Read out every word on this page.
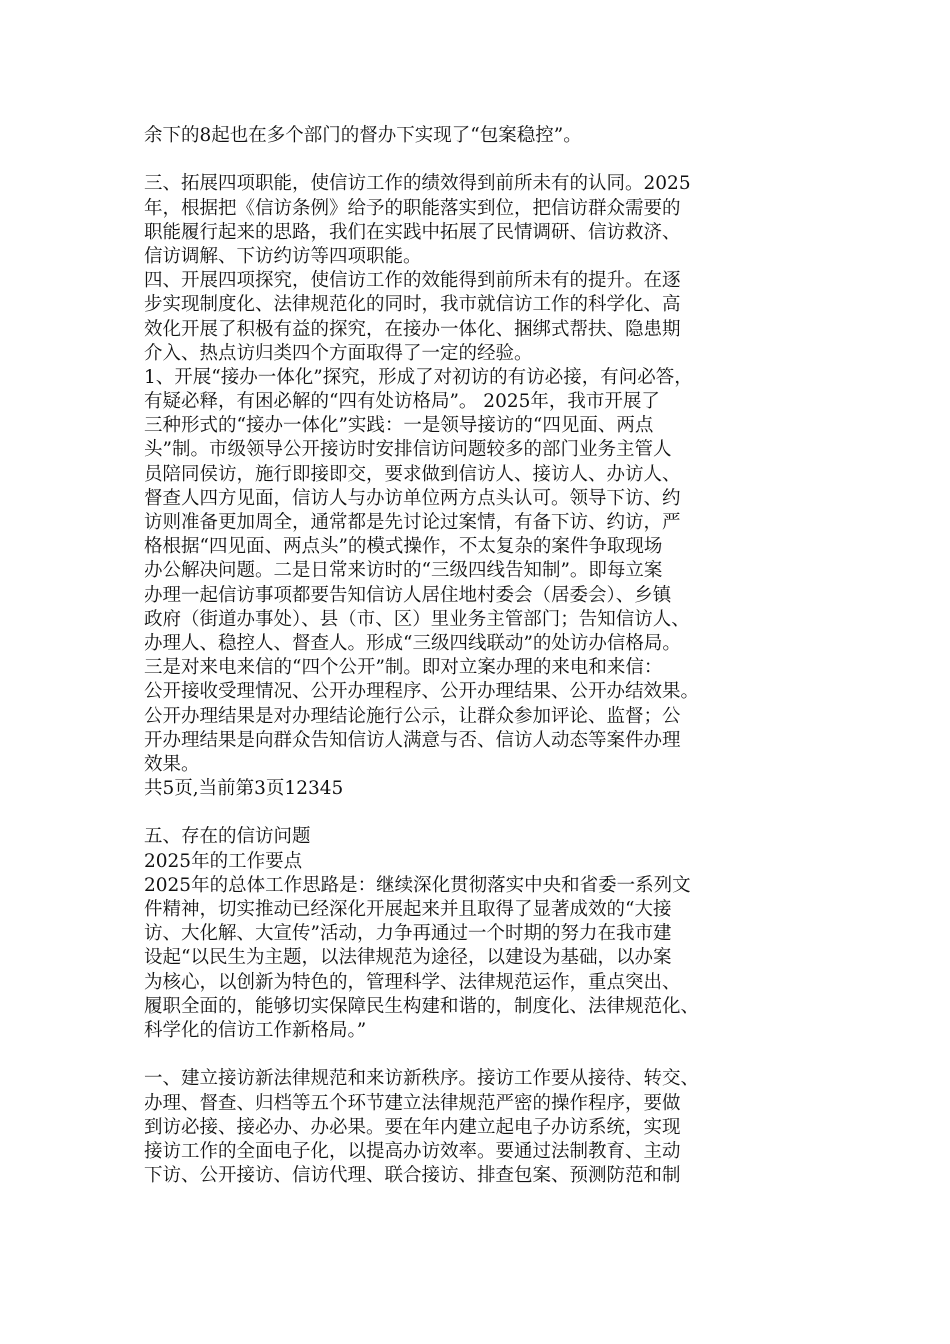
余下的8起也在多个部门的督办下实现了“包案稳控”。
三、拓展四项职能，使信访工作的绩效得到前所未有的认同。2025
年，根据把《信访条例》给予的职能落实到位，把信访群众需要的
职能履行起来的思路，我们在实践中拓展了民情调研、信访救济、
信访调解、下访约访等四项职能。
四、开展四项探究，使信访工作的效能得到前所未有的提升。在逐
步实现制度化、法律规范化的同时，我市就信访工作的科学化、高
效化开展了积极有益的探究，在接办一体化、捆绑式帮扶、隐患期
介入、热点访归类四个方面取得了一定的经验。
1、开展“接办一体化”探究，形成了对初访的有访必接，有问必答，
有疑必释，有困必解的“四有处访格局”。 2025年，我市开展了
三种形式的“接办一体化”实践：一是领导接访的“四见面、两点
头”制。市级领导公开接访时安排信访问题较多的部门业务主管人
员陪同侯访，施行即接即交，要求做到信访人、接访人、办访人、
督查人四方见面，信访人与办访单位两方点头认可。领导下访、约
访则准备更加周全，通常都是先讨论过案情，有备下访、约访，严
格根据“四见面、两点头”的模式操作，不太复杂的案件争取现场
办公解决问题。二是日常来访时的“三级四线告知制”。即每立案
办理一起信访事项都要告知信访人居住地村委会（居委会）、乡镇
政府（街道办事处）、县（市、区）里业务主管部门；告知信访人、
办理人、稳控人、督查人。形成“三级四线联动”的处访办信格局。
三是对来电来信的“四个公开”制。即对立案办理的来电和来信：
公开接收受理情况、公开办理程序、公开办理结果、公开办结效果。
公开办理结果是对办理结论施行公示，让群众参加评论、监督；公
开办理结果是向群众告知信访人满意与否、信访人动态等案件办理
效果。
共5页,当前第3页12345
五、存在的信访问题
2025年的工作要点
2025年的总体工作思路是：继续深化贯彻落实中央和省委一系列文
件精神，切实推动已经深化开展起来并且取得了显著成效的“大接
访、大化解、大宣传”活动，力争再通过一个时期的努力在我市建
设起“以民生为主题，以法律规范为途径，以建设为基础，以办案
为核心，以创新为特色的，管理科学、法律规范运作，重点突出、
履职全面的，能够切实保障民生构建和谐的，制度化、法律规范化、
科学化的信访工作新格局。”
一、建立接访新法律规范和来访新秩序。接访工作要从接待、转交、
办理、督查、归档等五个环节建立法律规范严密的操作程序，要做
到访必接、接必办、办必果。要在年内建立起电子办访系统，实现
接访工作的全面电子化，以提高办访效率。要通过法制教育、主动
下访、公开接访、信访代理、联合接访、排查包案、预测防范和制
